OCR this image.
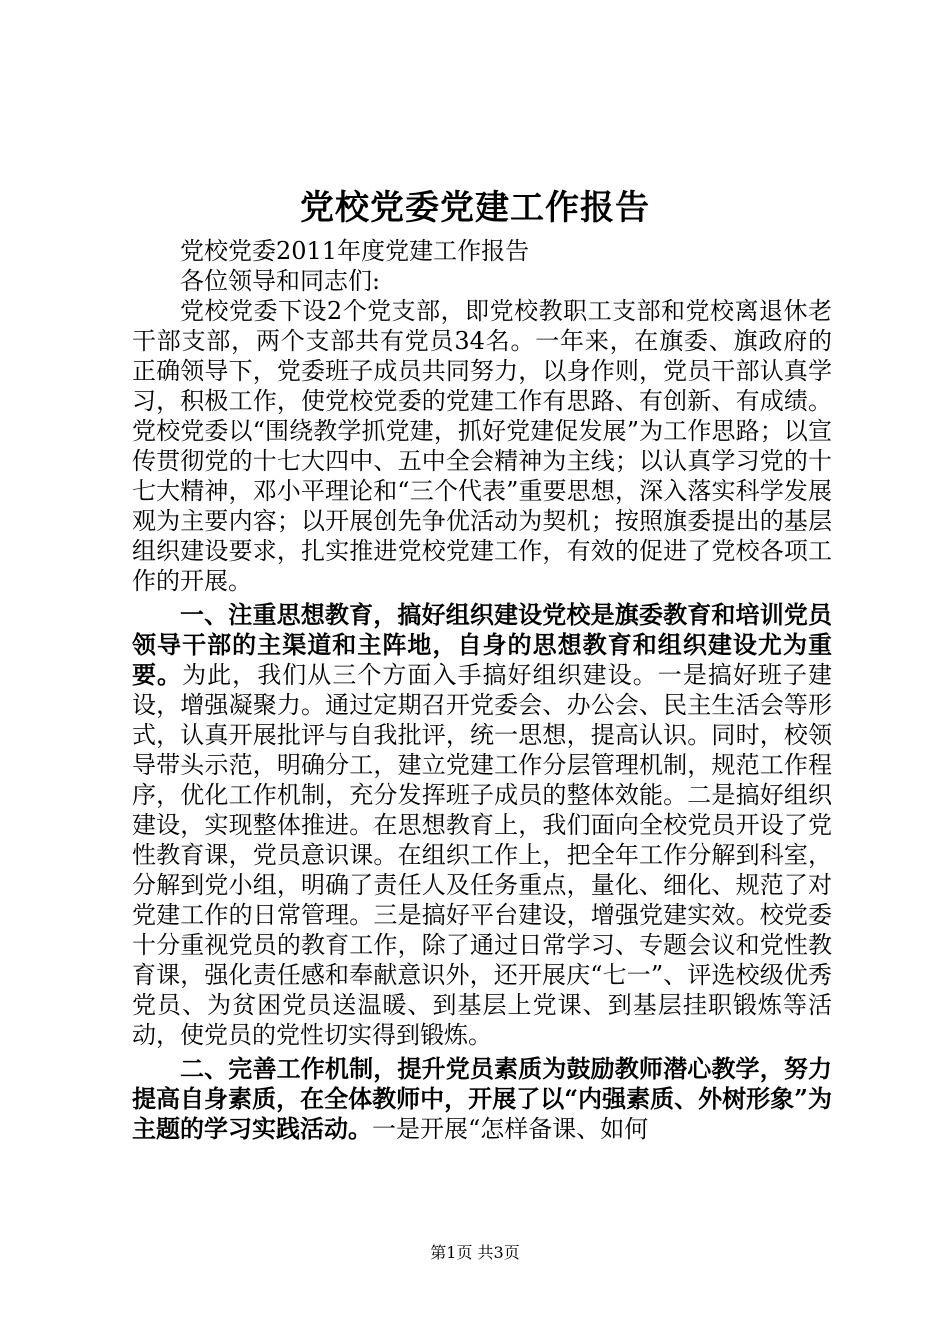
党校党委党建工作报告

党校党委2011年度党建工作报告

各位领导和同志们:

党校党委下设2个党支部，即党校教职工支部和党校离退休老干部支部，两个支部共有党员34名。一年来，在旗委、旗政府的正确领导下，党委班子成员共同努力，以身作则，党员干部认真学习，积极工作，使党校党委的党建工作有思路、有创新、有成绩。党校党委以“围绕教学抓党建，抓好党建促发展”为工作思路；以宣传贯彻党的十七大四中、五中全会精神为主线；以认真学习党的十七大精神，邓小平理论和“三个代表”重要思想，深入落实科学发展观为主要内容；以开展创先争优活动为契机；按照旗委提出的基层组织建设要求，扎实推进党校党建工作，有效的促进了党校各项工作的开展。

一、注重思想教育，搞好组织建设党校是旗委教育和培训党员领导干部的主渠道和主阵地，自身的思想教育和组织建设尤为重要。为此，我们从三个方面入手搞好组织建设。一是搞好班子建设，增强凝聚力。通过定期召开党委会、办公会、民主生活会等形式，认真开展批评与自我批评，统一思想，提高认识。同时，校领导带头示范，明确分工，建立党建工作分层管理机制，规范工作程序，优化工作机制，充分发挥班子成员的整体效能。二是搞好组织建设，实现整体推进。在思想教育上，我们面向全校党员开设了党性教育课，党员意识课。在组织工作上，把全年工作分解到科室，分解到党小组，明确了责任人及任务重点，量化、细化、规范了对党建工作的日常管理。三是搞好平台建设，增强党建实效。校党委十分重视党员的教育工作，除了通过日常学习、专题会议和党性教育课，强化责任感和奉献意识外，还开展庆“七一”、评选校级优秀党员、为贫困党员送温暖、到基层上党课、到基层挂职锻炼等活动，使党员的党性切实得到锻炼。

二、完善工作机制，提升党员素质为鼓励教师潜心教学，努力提高自身素质，在全体教师中，开展了以“内强素质、外树形象”为主题的学习实践活动。一是开展“怎样备课、如何

第1页 共3页
